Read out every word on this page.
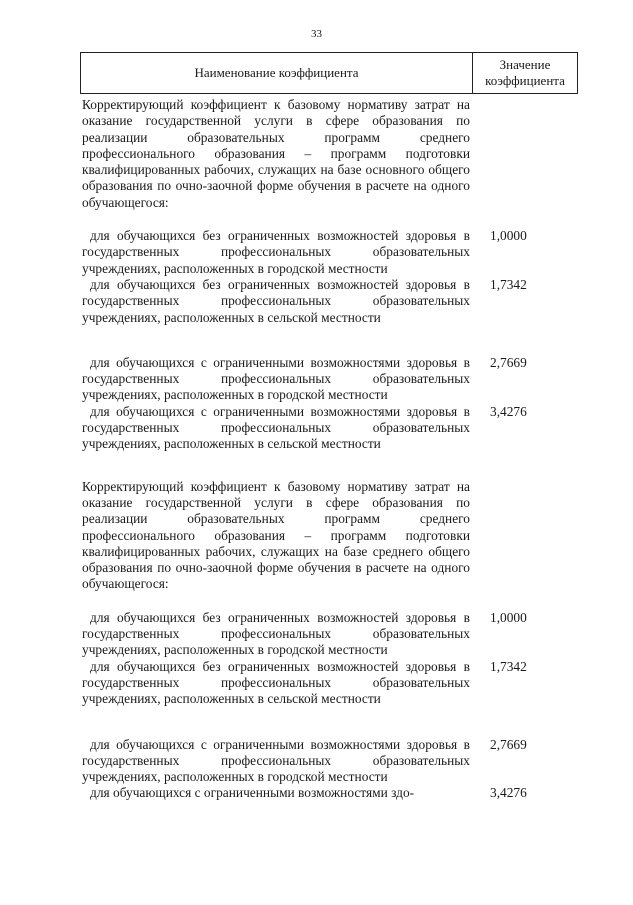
33
Наименование коэффициента
Значение
коэффициента
Корректирующий коэффициент к базовому нормативу затрат на оказание государственной услуги в сфере образования по реализации образовательных программ среднего профессионального образования – программ подготовки квалифицированных рабочих, служащих на базе основного общего образования по очно-заочной форме обучения в расчете на одного обучающегося:
для обучающихся без ограниченных возможностей здоровья в государственных профессиональных образовательных учреждениях, расположенных в городской местности
1,0000
для обучающихся без ограниченных возможностей здоровья в государственных профессиональных образовательных учреждениях, расположенных в сельской местности
1,7342
для обучающихся с ограниченными возможностями здоровья в государственных профессиональных образовательных учреждениях, расположенных в городской местности
2,7669
для обучающихся с ограниченными возможностями здоровья в государственных профессиональных образовательных учреждениях, расположенных в сельской местности
3,4276
Корректирующий коэффициент к базовому нормативу затрат на оказание государственной услуги в сфере образования по реализации образовательных программ среднего профессионального образования – программ подготовки квалифицированных рабочих, служащих на базе среднего общего образования по очно-заочной форме обучения в расчете на одного обучающегося:
для обучающихся без ограниченных возможностей здоровья в государственных профессиональных образовательных учреждениях, расположенных в городской местности
1,0000
для обучающихся без ограниченных возможностей здоровья в государственных профессиональных образовательных учреждениях, расположенных в сельской местности
1,7342
для обучающихся с ограниченными возможностями здоровья в государственных профессиональных образовательных учреждениях, расположенных в городской местности
2,7669
для обучающихся с ограниченными возможностями здо-	3,4276
